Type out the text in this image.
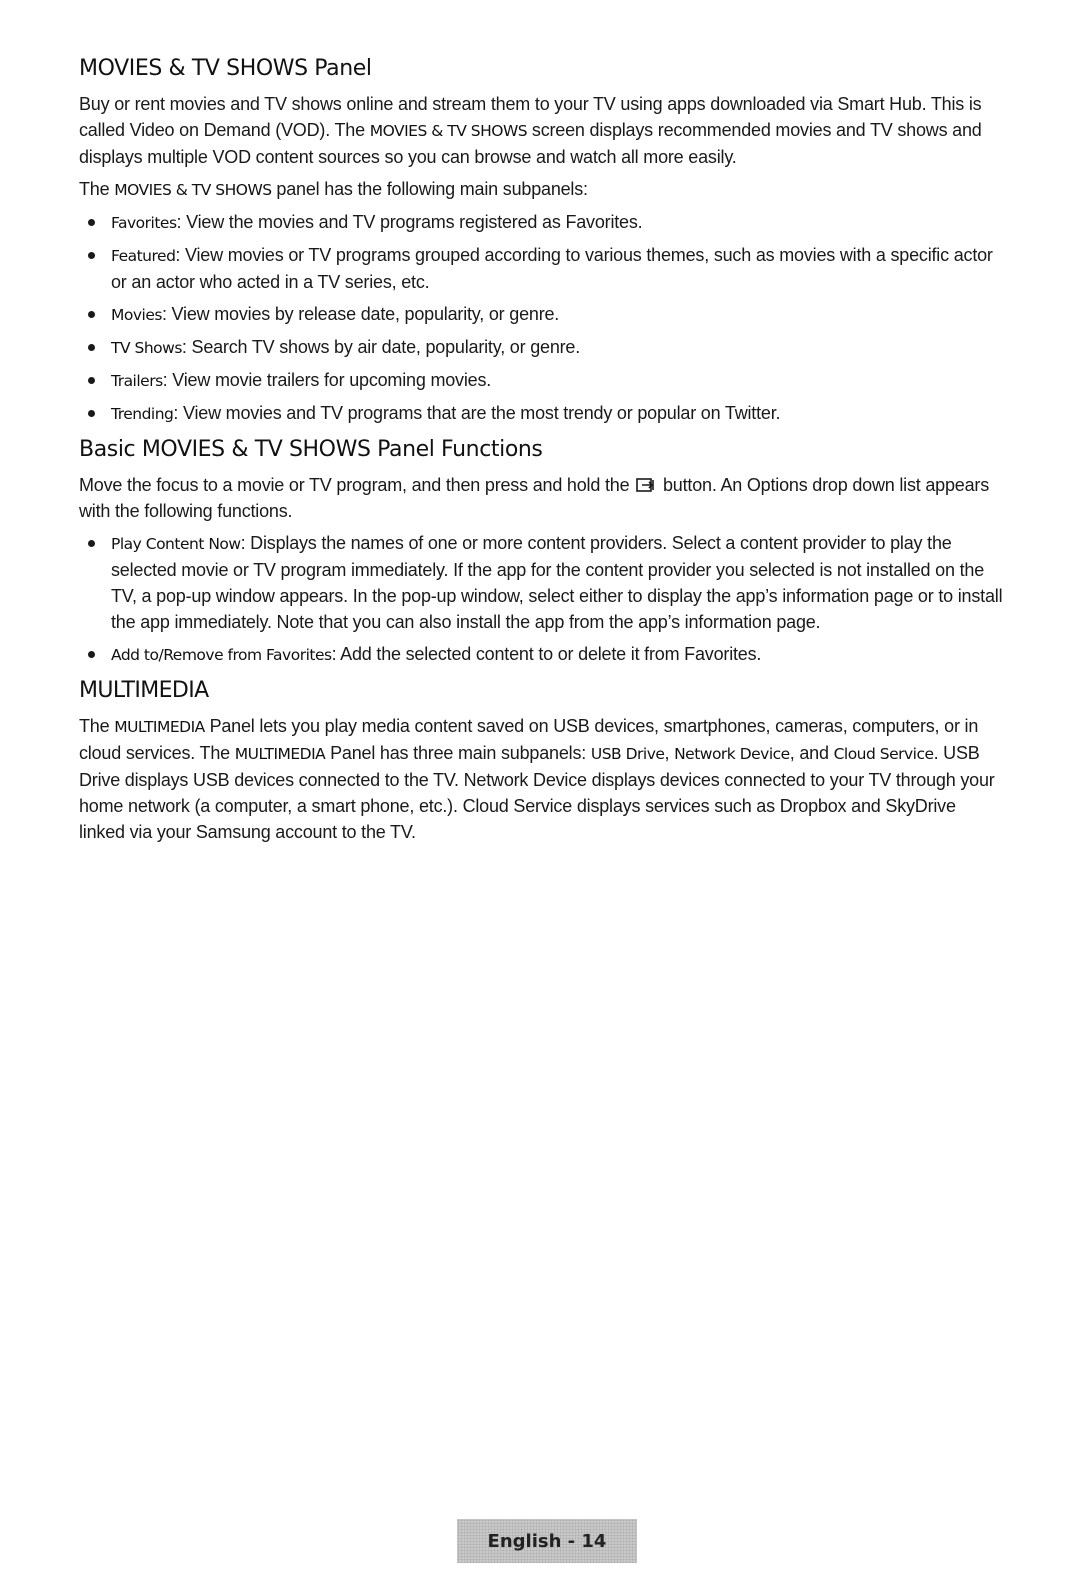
MOVIES & TV SHOWS Panel

Buy or rent movies and TV shows online and stream them to your TV using apps downloaded via Smart Hub. This is called Video on Demand (VOD). The MOVIES & TV SHOWS screen displays recommended movies and TV shows and displays multiple VOD content sources so you can browse and watch all more easily.

The MOVIES & TV SHOWS panel has the following main subpanels:

Favorites: View the movies and TV programs registered as Favorites.
Featured: View movies or TV programs grouped according to various themes, such as movies with a specific actor or an actor who acted in a TV series, etc.
Movies: View movies by release date, popularity, or genre.
TV Shows: Search TV shows by air date, popularity, or genre.
Trailers: View movie trailers for upcoming movies.
Trending: View movies and TV programs that are the most trendy or popular on Twitter.
Basic MOVIES & TV SHOWS Panel Functions

Move the focus to a movie or TV program, and then press and hold the  button. An Options drop down list appears with the following functions.

Play Content Now: Displays the names of one or more content providers. Select a content provider to play the selected movie or TV program immediately. If the app for the content provider you selected is not installed on the TV, a pop-up window appears. In the pop-up window, select either to display the app’s information page or to install the app immediately. Note that you can also install the app from the app’s information page.
Add to/Remove from Favorites: Add the selected content to or delete it from Favorites.
MULTIMEDIA

The MULTIMEDIA Panel lets you play media content saved on USB devices, smartphones, cameras, computers, or in cloud services. The MULTIMEDIA Panel has three main subpanels: USB Drive, Network Device, and Cloud Service. USB Drive displays USB devices connected to the TV. Network Device displays devices connected to your TV through your home network (a computer, a smart phone, etc.). Cloud Service displays services such as Dropbox and SkyDrive linked via your Samsung account to the TV.

English - 14
